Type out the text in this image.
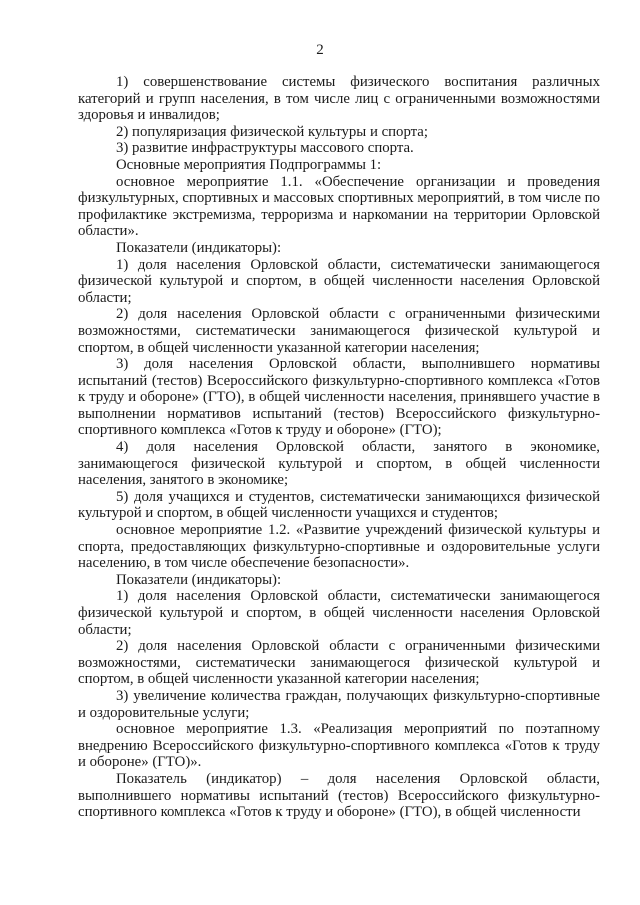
2

1) совершенствование системы физического воспитания различных категорий и групп населения, в том числе лиц с ограниченными возможностями здоровья и инвалидов;

2) популяризация физической культуры и спорта;

3) развитие инфраструктуры массового спорта.

Основные мероприятия Подпрограммы 1:

основное мероприятие 1.1. «Обеспечение организации и проведения физкультурных, спортивных и массовых спортивных мероприятий, в том числе по профилактике экстремизма, терроризма и наркомании на территории Орловской области».

Показатели (индикаторы):

1) доля населения Орловской области, систематически занимающегося физической культурой и спортом, в общей численности населения Орловской области;

2) доля населения Орловской области с ограниченными физическими возможностями, систематически занимающегося физической культурой и спортом, в общей численности указанной категории населения;

3) доля населения Орловской области, выполнившего нормативы испытаний (тестов) Всероссийского физкультурно-спортивного комплекса «Готов к труду и обороне» (ГТО), в общей численности населения, принявшего участие в выполнении нормативов испытаний (тестов) Всероссийского физкультурно-спортивного комплекса «Готов к труду и обороне» (ГТО);

4) доля населения Орловской области, занятого в экономике, занимающегося физической культурой и спортом, в общей численности населения, занятого в экономике;

5) доля учащихся и студентов, систематически занимающихся физической культурой и спортом, в общей численности учащихся и студентов;

основное мероприятие 1.2. «Развитие учреждений физической культуры и спорта, предоставляющих физкультурно-спортивные и оздоровительные услуги населению, в том числе обеспечение безопасности».

Показатели (индикаторы):

1) доля населения Орловской области, систематически занимающегося физической культурой и спортом, в общей численности населения Орловской области;

2) доля населения Орловской области с ограниченными физическими возможностями, систематически занимающегося физической культурой и спортом, в общей численности указанной категории населения;

3) увеличение количества граждан, получающих физкультурно-спортивные и оздоровительные услуги;

основное мероприятие 1.3. «Реализация мероприятий по поэтапному внедрению Всероссийского физкультурно-спортивного комплекса «Готов к труду и обороне» (ГТО)».

Показатель (индикатор) – доля населения Орловской области, выполнившего нормативы испытаний (тестов) Всероссийского физкультурно-спортивного комплекса «Готов к труду и обороне» (ГТО), в общей численности
